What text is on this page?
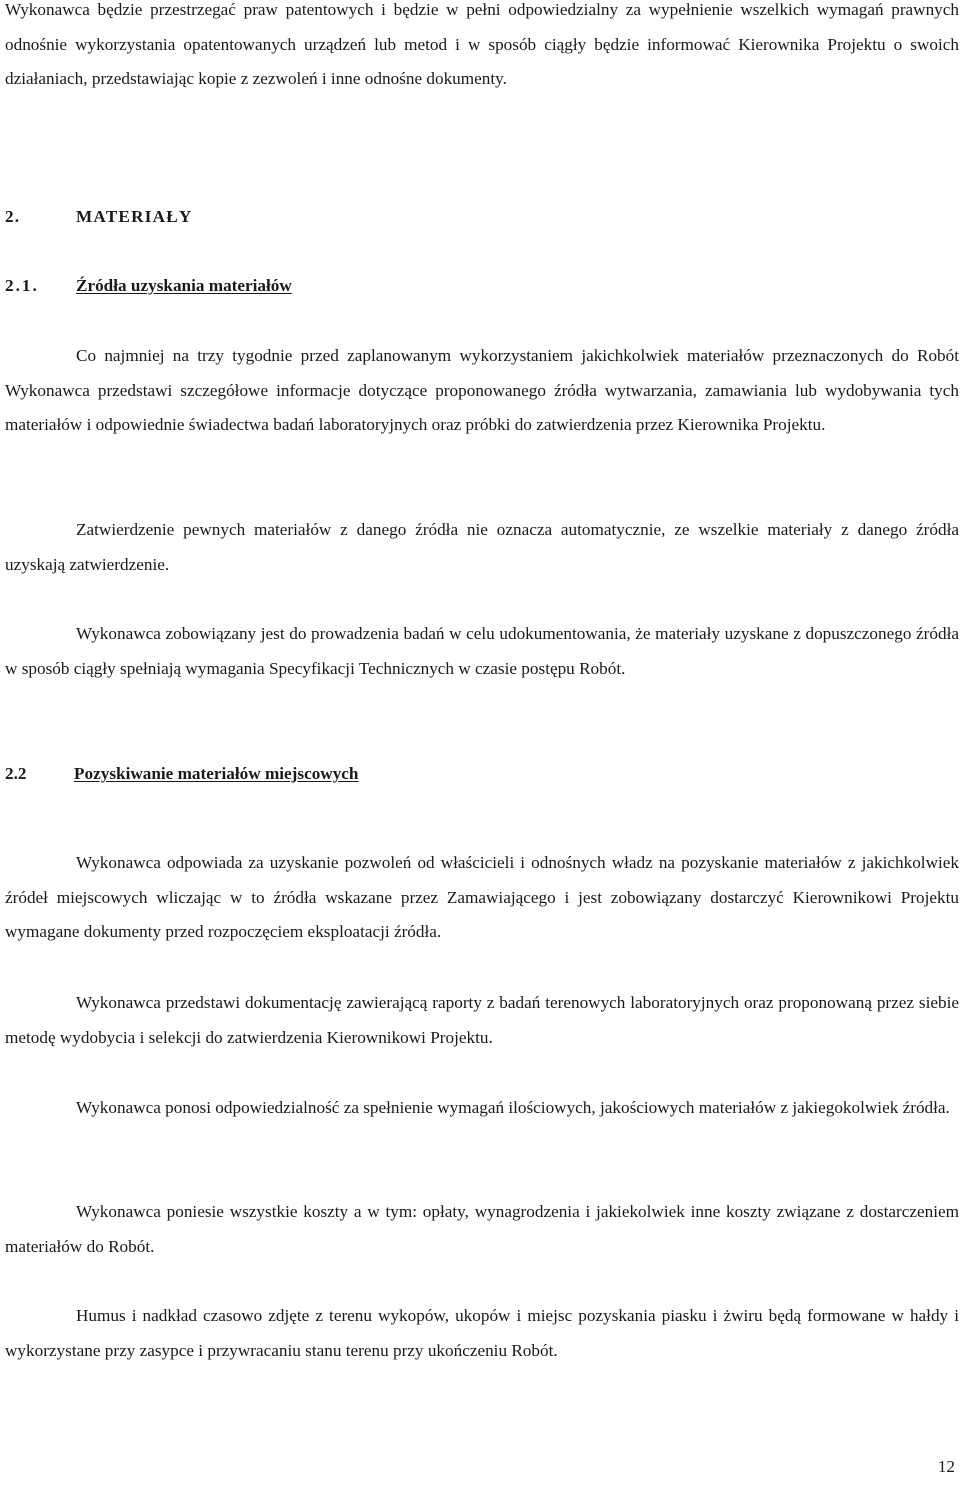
Wykonawca będzie przestrzegać praw patentowych i będzie w pełni odpowiedzialny za wypełnienie wszelkich wymagań prawnych odnośnie wykorzystania opatentowanych urządzeń lub metod i w sposób ciągły będzie informować Kierownika Projektu o swoich działaniach, przedstawiając kopie z zezwoleń i inne odnośne dokumenty.

2.	MATERIAŁY
2.1. Źródła uzyskania materiałów

Co najmniej na trzy tygodnie przed zaplanowanym wykorzystaniem jakichkolwiek materiałów przeznaczonych do Robót Wykonawca przedstawi szczegółowe informacje dotyczące proponowanego źródła wytwarzania, zamawiania lub wydobywania tych materiałów i odpowiednie świadectwa badań laboratoryjnych oraz próbki do zatwierdzenia przez Kierownika Projektu.

Zatwierdzenie pewnych materiałów z danego źródła nie oznacza automatycznie, ze wszelkie materiały z danego źródła uzyskają zatwierdzenie.

Wykonawca zobowiązany jest do prowadzenia badań w celu udokumentowania, że materiały uzyskane z dopuszczonego źródła w sposób ciągły spełniają wymagania Specyfikacji Technicznych w czasie postępu Robót.

2.2	Pozyskiwanie materiałów miejscowych

Wykonawca odpowiada za uzyskanie pozwoleń od właścicieli i odnośnych władz na pozyskanie materiałów z jakichkolwiek źródeł miejscowych wliczając w to źródła wskazane przez Zamawiającego i jest zobowiązany dostarczyć Kierownikowi Projektu wymagane dokumenty przed rozpoczęciem eksploatacji źródła.

Wykonawca przedstawi dokumentację zawierającą raporty z badań terenowych laboratoryjnych oraz proponowaną przez siebie metodę wydobycia i selekcji do zatwierdzenia Kierownikowi Projektu.

Wykonawca ponosi odpowiedzialność za spełnienie wymagań ilościowych, jakościowych materiałów z jakiegokolwiek źródła.

Wykonawca poniesie wszystkie koszty a w tym: opłaty, wynagrodzenia i jakiekolwiek inne koszty związane z dostarczeniem materiałów do Robót.

Humus i nadkład czasowo zdjęte z terenu wykopów, ukopów i miejsc pozyskania piasku i żwiru będą formowane w hałdy i wykorzystane przy zasypce i przywracaniu stanu terenu przy ukończeniu Robót.

12
